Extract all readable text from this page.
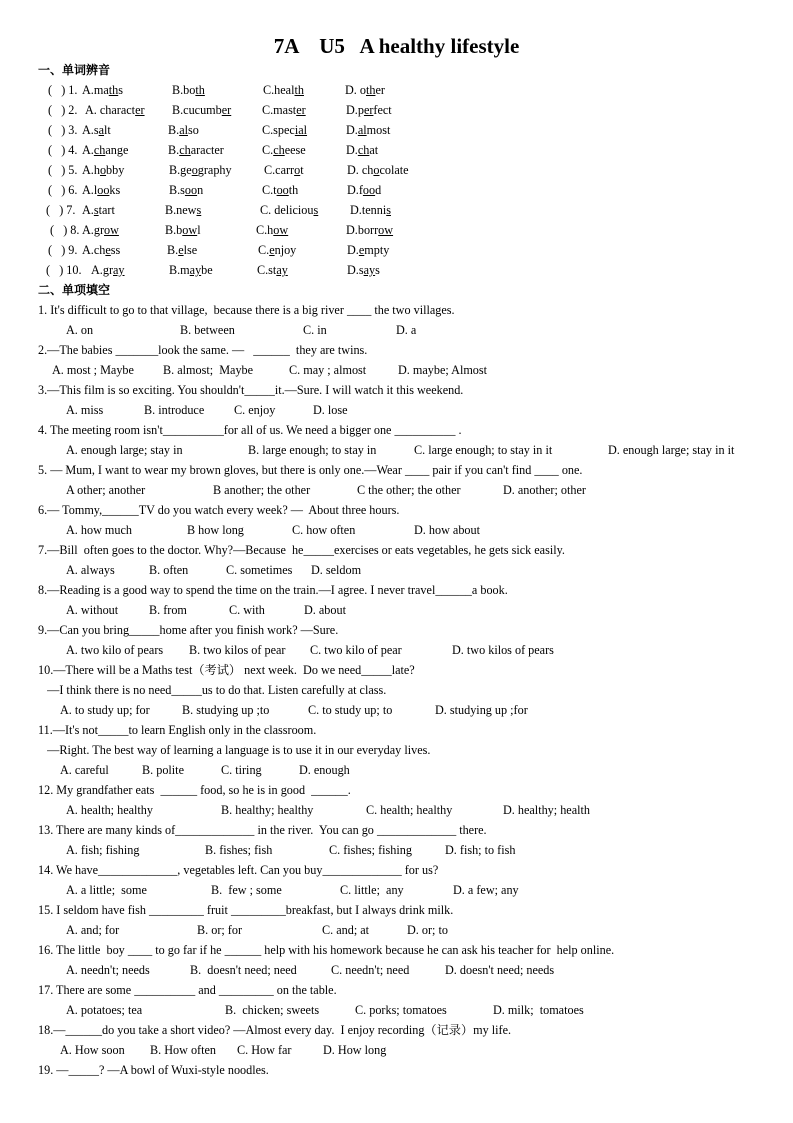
7A    U5   A healthy lifestyle
一、单词辨音
(   ) 1. A.maths	B.both	C.health	D. other
(   ) 2. A. character B.cucumber	C.master	D.perfect
(   ) 3. A.salt	B.also	C.special	D.almost
(   ) 4. A.change	B.character	C.cheese	D.chat
(   ) 5. A.hobby	B.geography	C.carrot	D. chocolate
(   ) 6. A.looks	B.soon	C.tooth	D.food
(   ) 7. A.start	B.news	C. delicious	D.tennis
(   ) 8. A.grow	B.bowl	C.how	D.borrow
(   ) 9. A.chess	B.else	C.enjoy	D.empty
(   ) 10. A.gray	B.maybe	C.stay	D.says
二、单项填空
1. It's difficult to go to that village,  because there is a big river ____ the two villages.
A. on	B. between	C. in	D. a
2.—The babies _______look the same. —   ______  they are twins.
A. most ; Maybe B. almost;  Maybe	C. may ; almost	D. maybe; Almost
3.—This film is so exciting. You shouldn't_____it.—Sure. I will watch it this weekend.
A. miss	B. introduce C. enjoy	D. lose
4. The meeting room isn't__________for all of us. We need a bigger one __________ .
A. enough large; stay in	B. large enough; to stay in	C. large enough; to stay in it	D. enough large; stay in it
5. — Mum, I want to wear my brown gloves, but there is only one.—Wear ____ pair if you can't find ____ one.
A other; another	B another; the other	C the other; the other	D. another; other
6.— Tommy,______TV do you watch every week? —  About three hours.
A. how much	B how long	C. how often	D. how about
7.—Bill  often goes to the doctor. Why?—Because  he_____exercises or eats vegetables, he gets sick easily.
A. always	B. often	C. sometimes D. seldom
8.—Reading is a good way to spend the time on the train.—I agree. I never travel______a book.
A. without	B. from	C. with	D. about
9.—Can you bring_____home after you finish work? —Sure.
A. two kilo of pears B. two kilos of pear C. two kilo of pear	D. two kilos of pears
10.—There will be a Maths test（考试） next week.  Do we need_____late?
—I think there is no need_____us to do that. Listen carefully at class.
A. to study up; for	B. studying up ;to	C. to study up; to	D. studying up ;for
11.—It's not_____to learn English only in the classroom.
—Right. The best way of learning a language is to use it in our everyday lives.
A. careful	B. polite	C. tiring	D. enough
12. My grandfather eats  ______ food, so he is in good  ______.
A. health; healthy	B. healthy; healthy	C. health; healthy	D. healthy; health
13. There are many kinds of_____________ in the river.  You can go _____________ there.
A. fish; fishing	B. fishes; fish	C. fishes; fishing	D. fish; to fish
14. We have_____________, vegetables left. Can you buy_____________ for us?
A. a little;  some	B.  few ; some	C. little;  any	D. a few; any
15. I seldom have fish _________ fruit _________breakfast, but I always drink milk.
A. and; for	B. or; for	C. and; at	D. or; to
16. The little  boy ____ to go far if he ______ help with his homework because he can ask his teacher for  help online.
A. needn't; needs	B.  doesn't need; need	C. needn't; need	D. doesn't need; needs
17. There are some __________ and _________ on the table.
A. potatoes; tea	B.  chicken; sweets	C. porks; tomatoes	D. milk;  tomatoes
18.—______do you take a short video? —Almost every day.  I enjoy recording（记录）my life.
A. How soon B. How often C. How far	D. How long
19. —_____? —A bowl of Wuxi-style noodles.
